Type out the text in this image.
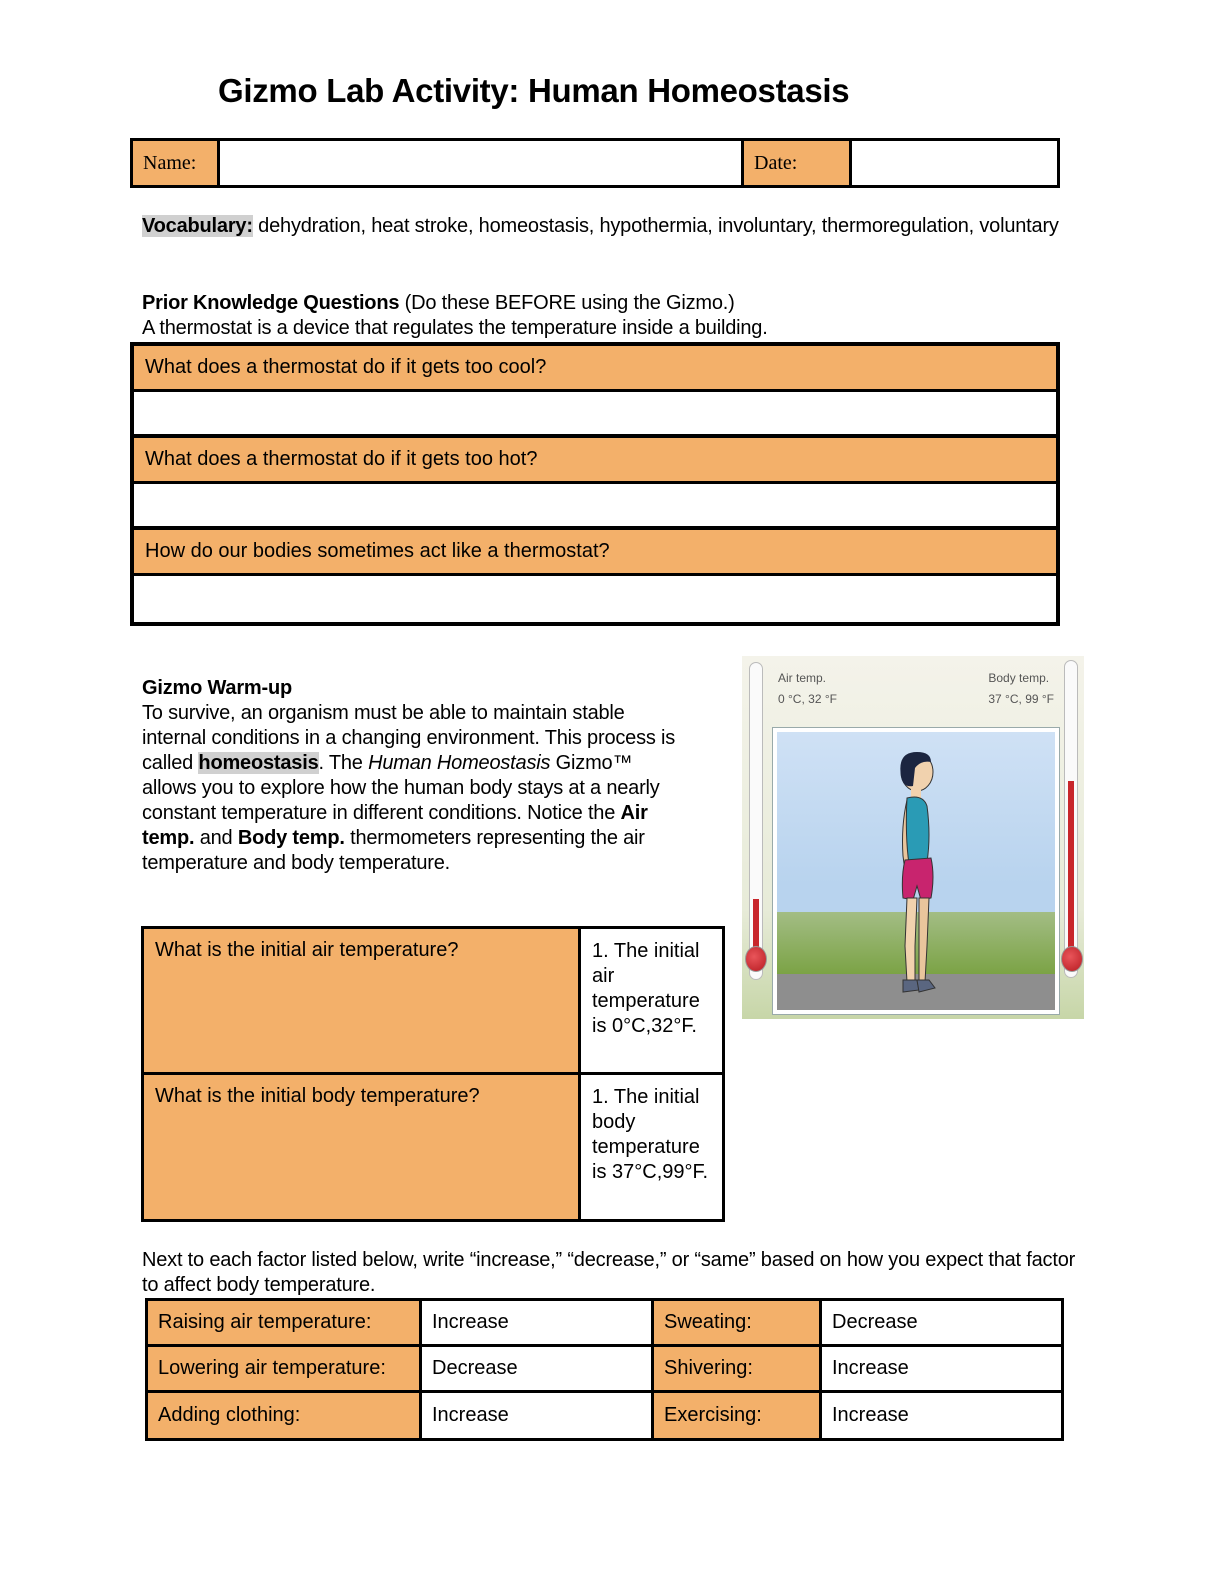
Gizmo Lab Activity: Human Homeostasis
Name:	Date:

Vocabulary: dehydration, heat stroke, homeostasis, hypothermia, involuntary, thermoregulation, voluntary

Prior Knowledge Questions (Do these BEFORE using the Gizmo.)
A thermostat is a device that regulates the temperature inside a building.
What does a thermostat do if it gets too cool?
What does a thermostat do if it gets too hot?
How do our bodies sometimes act like a thermostat?
Gizmo Warm-up

To survive, an organism must be able to maintain stable internal conditions in a changing environment. This process is called homeostasis. The Human Homeostasis Gizmo™ allows you to explore how the human body stays at a nearly constant temperature in different conditions. Notice the Air temp. and Body temp. thermometers representing the air temperature and body temperature.

Air temp.
0 °C, 32 °F
Body temp.
37 °C, 99 °F
What is the initial air temperature?	1. The initial air temperature is 0°C,32°F.
What is the initial body temperature?	1. The initial body temperature is 37°C,99°F.

Next to each factor listed below, write “increase,” “decrease,” or “same” based on how you expect that factor to affect body temperature.

Raising air temperature:	Increase	Sweating:	Decrease
Lowering air temperature:	Decrease	Shivering:	Increase
Adding clothing:	Increase	Exercising:	Increase
